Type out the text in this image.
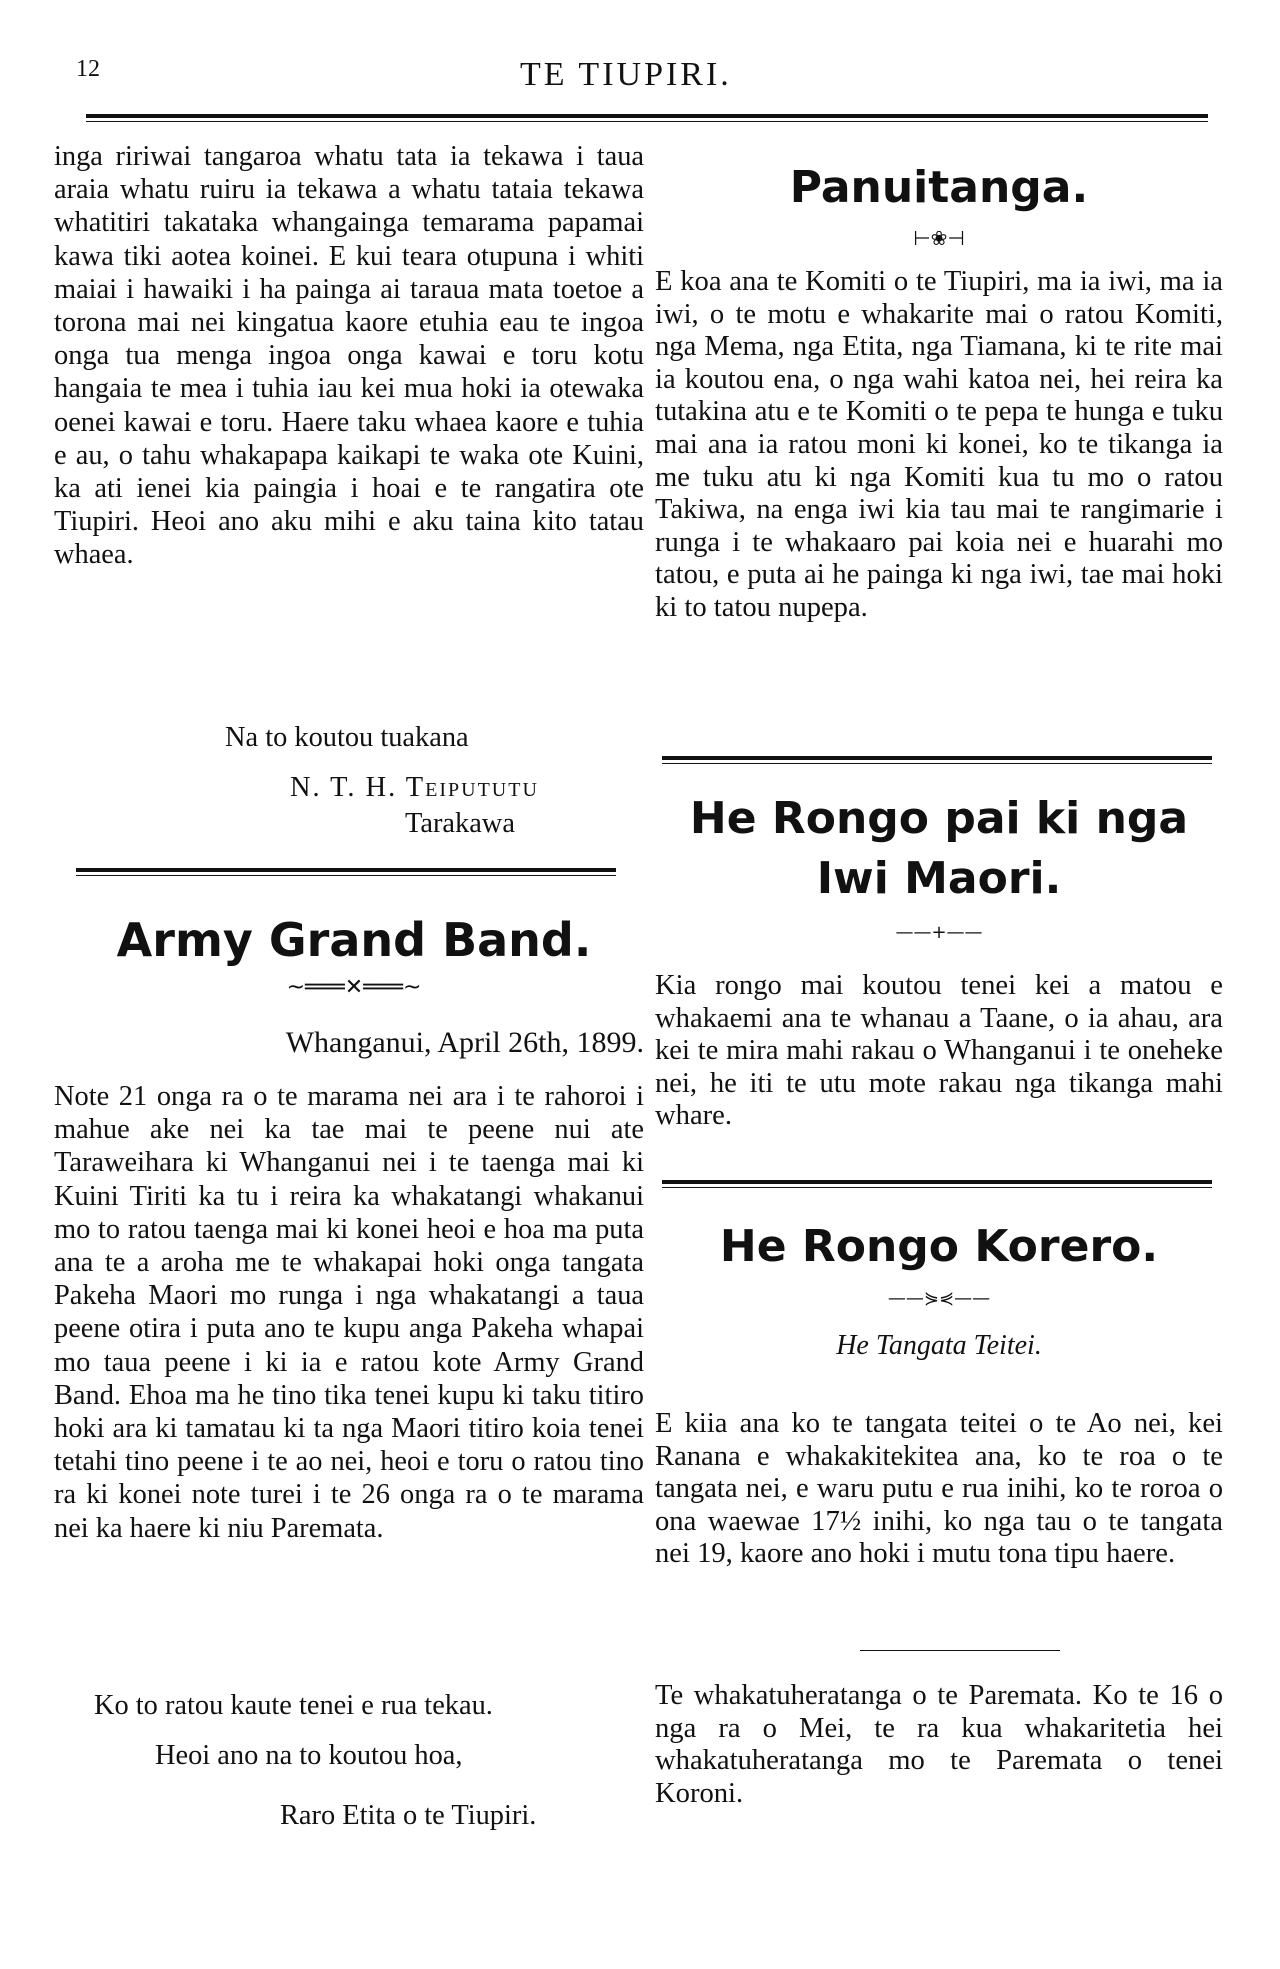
12	TE TIUPIRI.

inga ririwai tangaroa whatu tata ia tekawa i taua araia whatu ruiru ia tekawa a whatu tataia tekawa whatitiri takataka whangainga temarama papamai kawa tiki aotea koinei. E kui teara otupuna i whiti maiai i hawaiki i ha painga ai taraua mata toetoe a torona mai nei kingatua kaore etuhia eau te ingoa onga tua menga ingoa onga kawai e toru kotu hangaia te mea i tuhia iau kei mua hoki ia otewaka oenei kawai e toru. Haere taku whaea kaore e tuhia e au, o tahu whakapapa kaikapi te waka ote Kuini, ka ati ienei kia paingia i hoai e te rangatira ote Tiupiri. Heoi ano aku mihi e aku taina kito tatau whaea.

Na to koutou tuakana
N. T. H. Teipututu
Tarakawa
Army Grand Band.
~═══✕═══~
Whanganui, April 26th, 1899.

Note 21 onga ra o te marama nei ara i te rahoroi i mahue ake nei ka tae mai te peene nui ate Taraweihara ki Whanganui nei i te taenga mai ki Kuini Tiriti ka tu i reira ka whakatangi whakanui mo to ratou taenga mai ki konei heoi e hoa ma puta ana te a aroha me te whakapai hoki onga tangata Pakeha Maori mo runga i nga whakatangi a taua peene otira i puta ano te kupu anga Pakeha whapai mo taua peene i ki ia e ratou kote Army Grand Band. Ehoa ma he tino tika tenei kupu ki taku titiro hoki ara ki tamatau ki ta nga Maori titiro koia tenei tetahi tino peene i te ao nei, heoi e toru o ratou tino ra ki konei note turei i te 26 onga ra o te marama nei ka haere ki niu Paremata.

Ko to ratou kaute tenei e rua tekau.
Heoi ano na to koutou hoa,
Raro Etita o te Tiupiri.
Panuitanga.
⊢❀⊣

E koa ana te Komiti o te Tiupiri, ma ia iwi, ma ia iwi, o te motu e whakarite mai o ratou Komiti, nga Mema, nga Etita, nga Tiamana, ki te rite mai ia koutou ena, o nga wahi katoa nei, hei reira ka tutakina atu e te Komiti o te pepa te hunga e tuku mai ana ia ratou moni ki konei, ko te tikanga ia me tuku atu ki nga Komiti kua tu mo o ratou Takiwa, na enga iwi kia tau mai te rangimarie i runga i te whakaaro pai koia nei e huarahi mo tatou, e puta ai he painga ki nga iwi, tae mai hoki ki to tatou nupepa.

He Rongo pai ki nga
Iwi Maori.
——+——

Kia rongo mai koutou tenei kei a matou e whakaemi ana te whanau a Taane, o ia ahau, ara kei te mira mahi rakau o Whanganui i te oneheke nei, he iti te utu mote rakau nga tikanga mahi whare.

He Rongo Korero.
——⋟⋞——
He Tangata Teitei.

E kiia ana ko te tangata teitei o te Ao nei, kei Ranana e whakakitekitea ana, ko te roa o te tangata nei, e waru putu e rua inihi, ko te roroa o ona waewae 17½ inihi, ko nga tau o te tangata nei 19, kaore ano hoki i mutu tona tipu haere.

Te whakatuheratanga o te Paremata. Ko te 16 o nga ra o Mei, te ra kua whakaritetia hei whakatuheratanga mo te Paremata o tenei Koroni.
